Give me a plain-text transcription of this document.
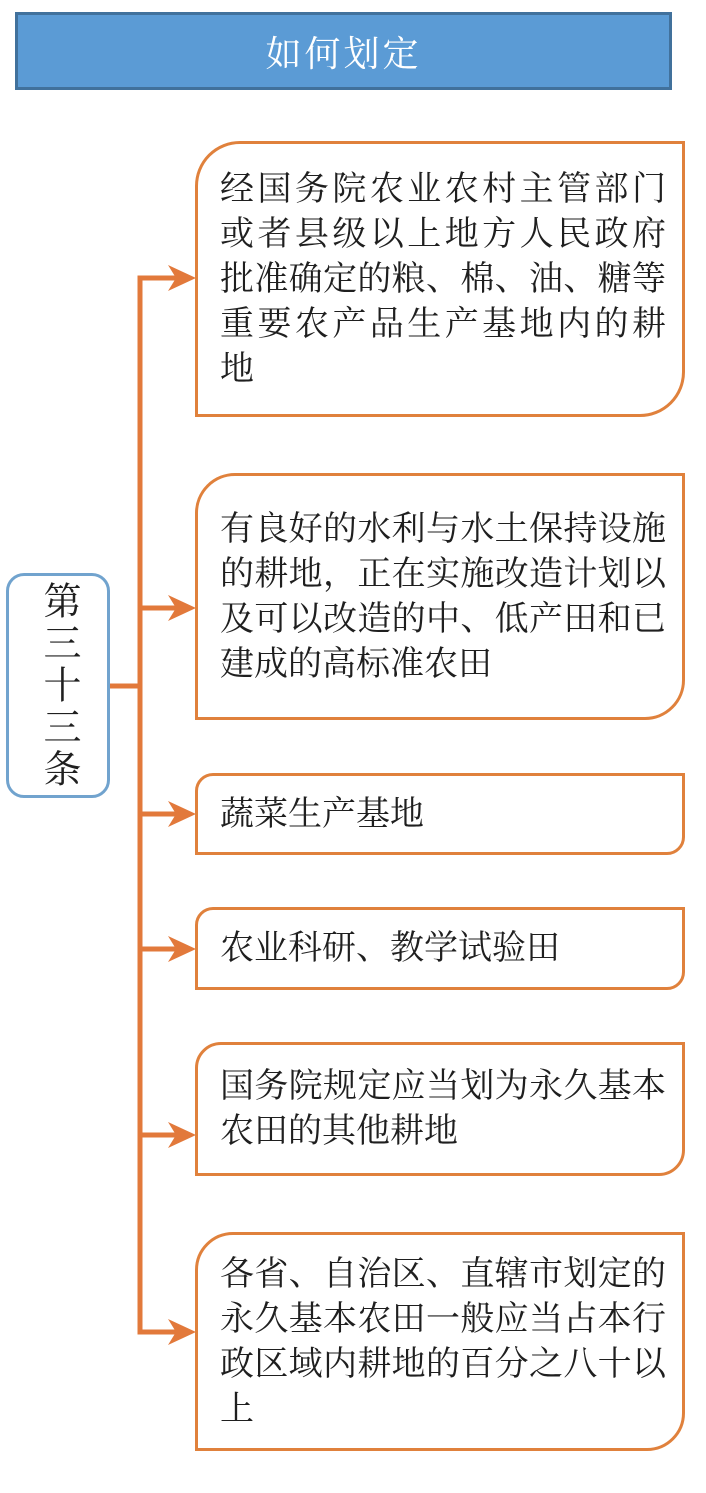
如何划定
第三十三条
经国务院农业农村主管部门
或者县级以上地方人民政府
批准确定的粮、棉、油、糖等
重要农产品生产基地内的耕
地
有良好的水利与水土保持设施
的耕地，正在实施改造计划以
及可以改造的中、低产田和已
建成的高标准农田
蔬菜生产基地
农业科研、教学试验田
国务院规定应当划为永久基本
农田的其他耕地
各省、自治区、直辖市划定的
永久基本农田一般应当占本行
政区域内耕地的百分之八十以
上
